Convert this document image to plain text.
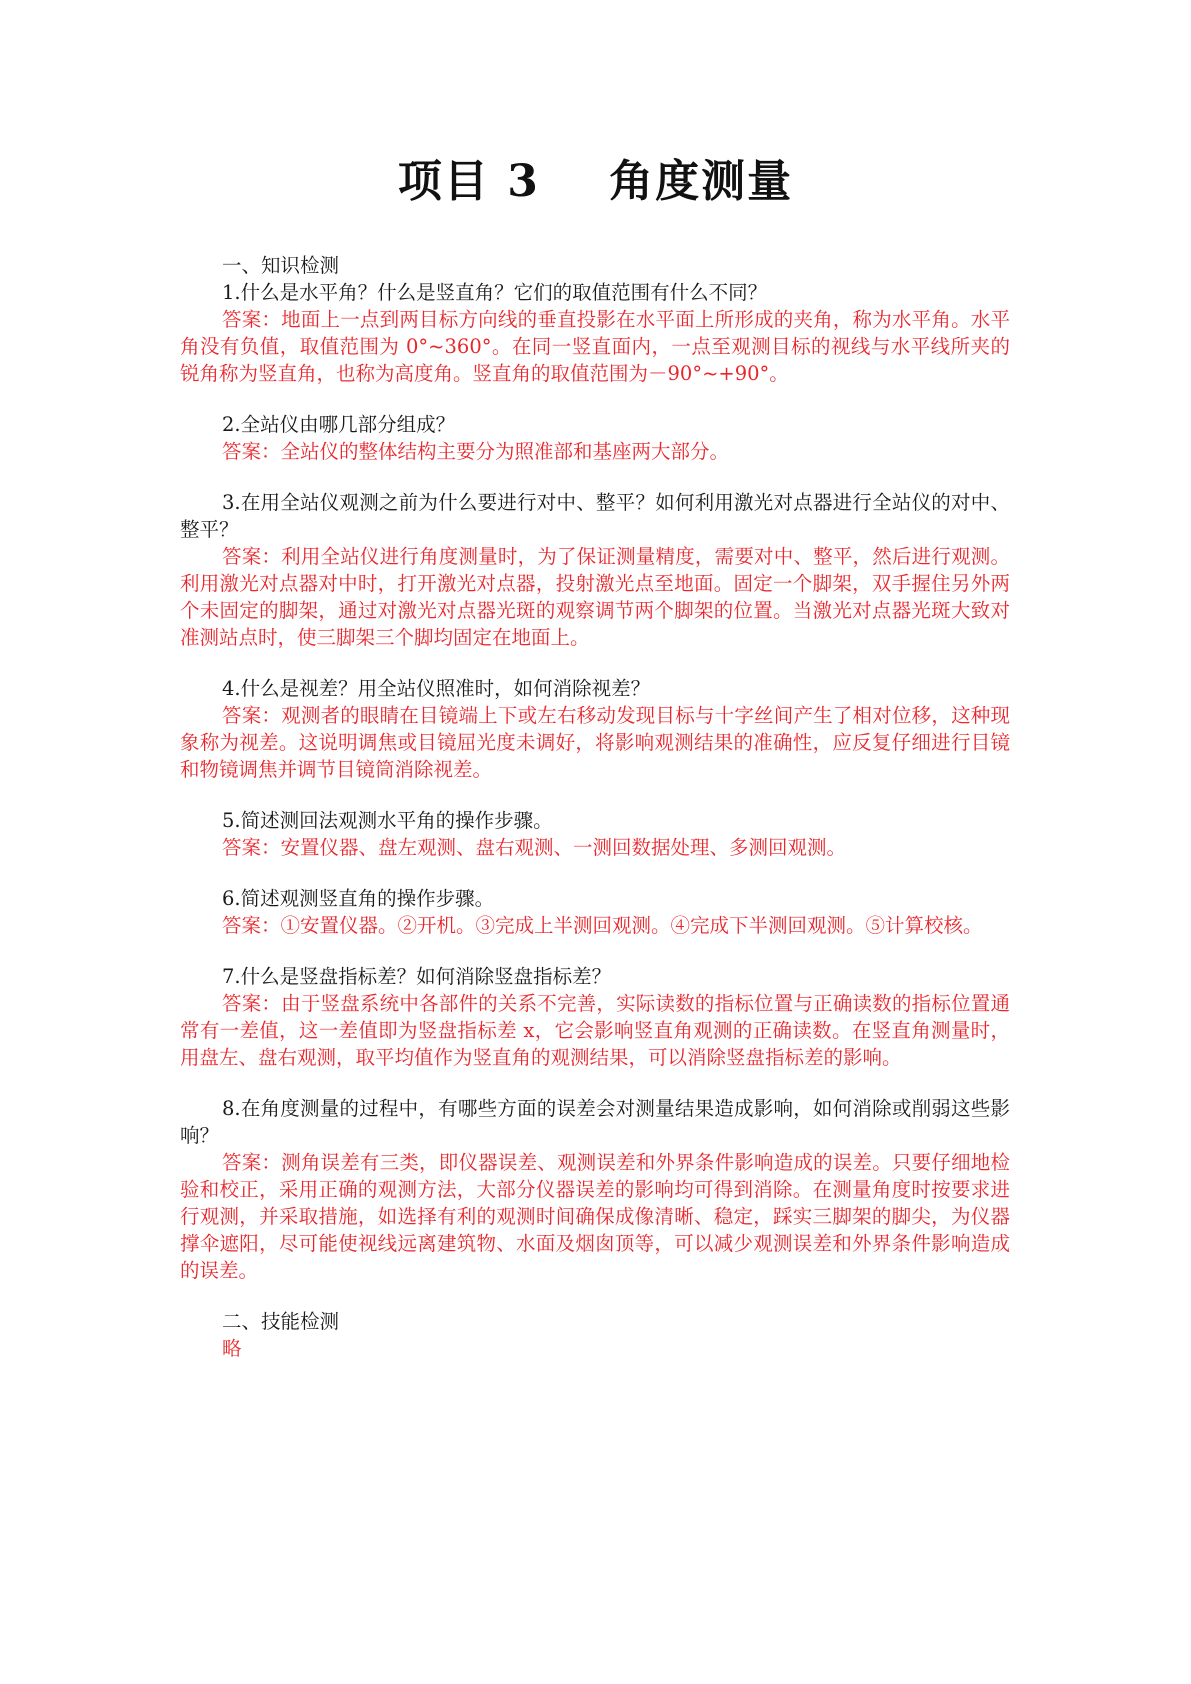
项目 3    角度测量

一、知识检测

1.什么是水平角？什么是竖直角？它们的取值范围有什么不同？

答案：地面上一点到两目标方向线的垂直投影在水平面上所形成的夹角，称为水平角。水平角没有负值，取值范围为 0°~360°。在同一竖直面内，一点至观测目标的视线与水平线所夹的锐角称为竖直角，也称为高度角。竖直角的取值范围为－90°~+90°。

2.全站仪由哪几部分组成？

答案：全站仪的整体结构主要分为照准部和基座两大部分。

3.在用全站仪观测之前为什么要进行对中、整平？如何利用激光对点器进行全站仪的对中、整平？

答案：利用全站仪进行角度测量时，为了保证测量精度，需要对中、整平，然后进行观测。利用激光对点器对中时，打开激光对点器，投射激光点至地面。固定一个脚架，双手握住另外两个未固定的脚架，通过对激光对点器光斑的观察调节两个脚架的位置。当激光对点器光斑大致对准测站点时，使三脚架三个脚均固定在地面上。

4.什么是视差？用全站仪照准时，如何消除视差？

答案：观测者的眼睛在目镜端上下或左右移动发现目标与十字丝间产生了相对位移，这种现象称为视差。这说明调焦或目镜屈光度未调好，将影响观测结果的准确性，应反复仔细进行目镜和物镜调焦并调节目镜筒消除视差。

5.简述测回法观测水平角的操作步骤。

答案：安置仪器、盘左观测、盘右观测、一测回数据处理、多测回观测。

6.简述观测竖直角的操作步骤。

答案：①安置仪器。②开机。③完成上半测回观测。④完成下半测回观测。⑤计算校核。

7.什么是竖盘指标差？如何消除竖盘指标差？

答案：由于竖盘系统中各部件的关系不完善，实际读数的指标位置与正确读数的指标位置通常有一差值，这一差值即为竖盘指标差 x，它会影响竖直角观测的正确读数。在竖直角测量时，用盘左、盘右观测，取平均值作为竖直角的观测结果，可以消除竖盘指标差的影响。

8.在角度测量的过程中，有哪些方面的误差会对测量结果造成影响，如何消除或削弱这些影响？

答案：测角误差有三类，即仪器误差、观测误差和外界条件影响造成的误差。只要仔细地检验和校正，采用正确的观测方法，大部分仪器误差的影响均可得到消除。在测量角度时按要求进行观测，并采取措施，如选择有利的观测时间确保成像清晰、稳定，踩实三脚架的脚尖，为仪器撑伞遮阳，尽可能使视线远离建筑物、水面及烟囱顶等，可以减少观测误差和外界条件影响造成的误差。

二、技能检测

略
